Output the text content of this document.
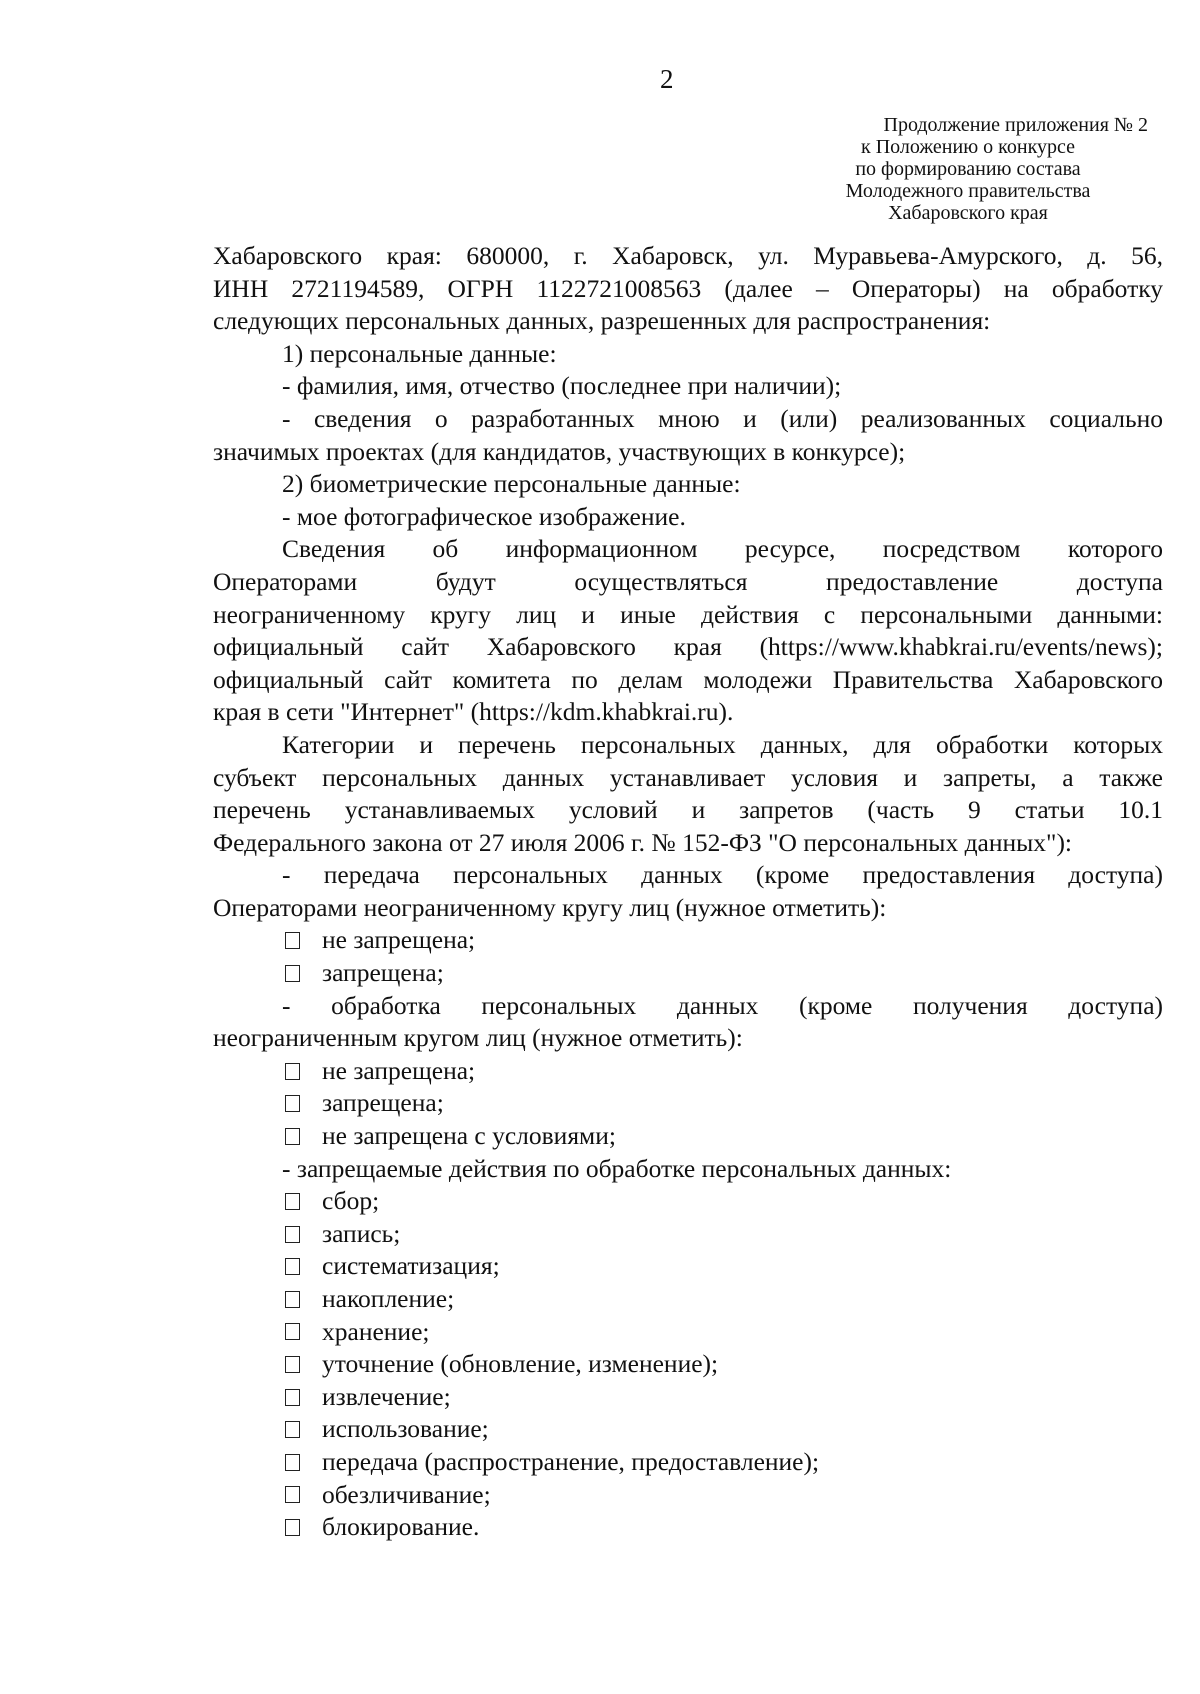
2
Продолжение приложения № 2
к Положению о конкурсе
по формированию состава
Молодежного правительства
Хабаровского края
Хабаровского края: 680000, г. Хабаровск, ул. Муравьева-Амурского, д. 56,
ИНН 2721194589, ОГРН 1122721008563 (далее – Операторы) на обработку
следующих персональных данных, разрешенных для распространения:
1) персональные данные:
- фамилия, имя, отчество (последнее при наличии);
- сведения о разработанных мною и (или) реализованных социально
значимых проектах (для кандидатов, участвующих в конкурсе);
2) биометрические персональные данные:
- мое фотографическое изображение.
Сведения об информационном ресурсе, посредством которого
Операторами будут осуществляться предоставление доступа
неограниченному кругу лиц и иные действия с персональными данными:
официальный сайт Хабаровского края (https://www.khabkrai.ru/events/news);
официальный сайт комитета по делам молодежи Правительства Хабаровского
края в сети "Интернет" (https://kdm.khabkrai.ru).
Категории и перечень персональных данных, для обработки которых
субъект персональных данных устанавливает условия и запреты, а также
перечень устанавливаемых условий и запретов (часть 9 статьи 10.1
Федерального закона от 27 июля 2006 г. № 152-ФЗ "О персональных данных"):
- передача персональных данных (кроме предоставления доступа)
Операторами неограниченному кругу лиц (нужное отметить):
не запрещена;
запрещена;
- обработка персональных данных (кроме получения доступа)
неограниченным кругом лиц (нужное отметить):
не запрещена;
запрещена;
не запрещена с условиями;
- запрещаемые действия по обработке персональных данных:
сбор;
запись;
систематизация;
накопление;
хранение;
уточнение (обновление, изменение);
извлечение;
использование;
передача (распространение, предоставление);
обезличивание;
блокирование.
